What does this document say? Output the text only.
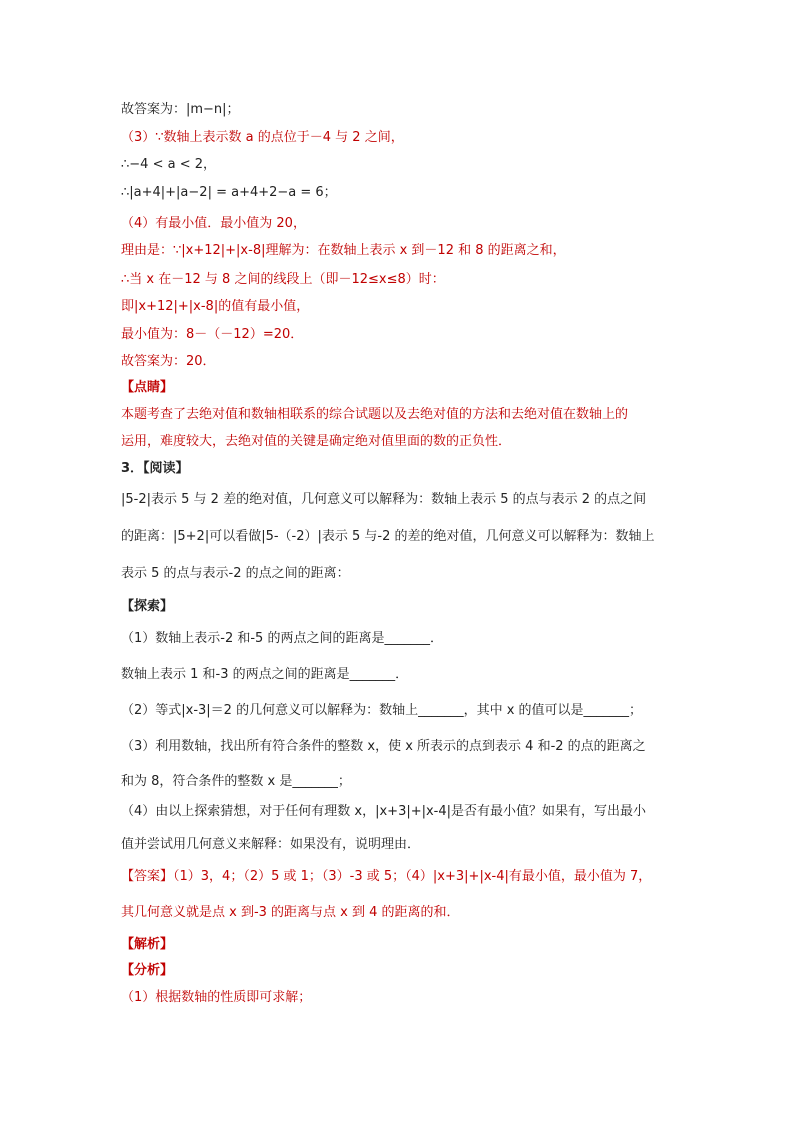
故答案为：|m−n|；
（3）∵数轴上表示数 a 的点位于－4 与 2 之间，
∴−4 < a < 2，
∴|a+4|+|a−2| = a+4+2−a = 6；
（4）有最小值．最小值为 20，
理由是：∵|x+12|+|x-8|理解为：在数轴上表示 x 到－12 和 8 的距离之和，
∴当 x 在－12 与 8 之间的线段上（即－12≤x≤8）时：
即|x+12|+|x-8|的值有最小值，
最小值为：8－（－12）=20．
故答案为：20．
【点睛】
本题考查了去绝对值和数轴相联系的综合试题以及去绝对值的方法和去绝对值在数轴上的
运用，难度较大，去绝对值的关键是确定绝对值里面的数的正负性．
3．【阅读】
|5-2|表示 5 与 2 差的绝对值，几何意义可以解释为：数轴上表示 5 的点与表示 2 的点之间
的距离：|5+2|可以看做|5-（-2）|表示 5 与-2 的差的绝对值，几何意义可以解释为：数轴上
表示 5 的点与表示-2 的点之间的距离：
【探索】
（1）数轴上表示-2 和-5 的两点之间的距离是_______．
数轴上表示 1 和-3 的两点之间的距离是_______．
（2）等式|x-3|＝2 的几何意义可以解释为：数轴上_______，其中 x 的值可以是_______；
（3）利用数轴，找出所有符合条件的整数 x，使 x 所表示的点到表示 4 和-2 的点的距离之
和为 8，符合条件的整数 x 是_______；
（4）由以上探索猜想，对于任何有理数 x，|x+3|+|x-4|是否有最小值？如果有，写出最小
值并尝试用几何意义来解释：如果没有，说明理由．
【答案】（1）3，4；（2）5 或 1；（3）-3 或 5；（4）|x+3|+|x-4|有最小值，最小值为 7，
其几何意义就是点 x 到-3 的距离与点 x 到 4 的距离的和．
【解析】
【分析】
（1）根据数轴的性质即可求解；
